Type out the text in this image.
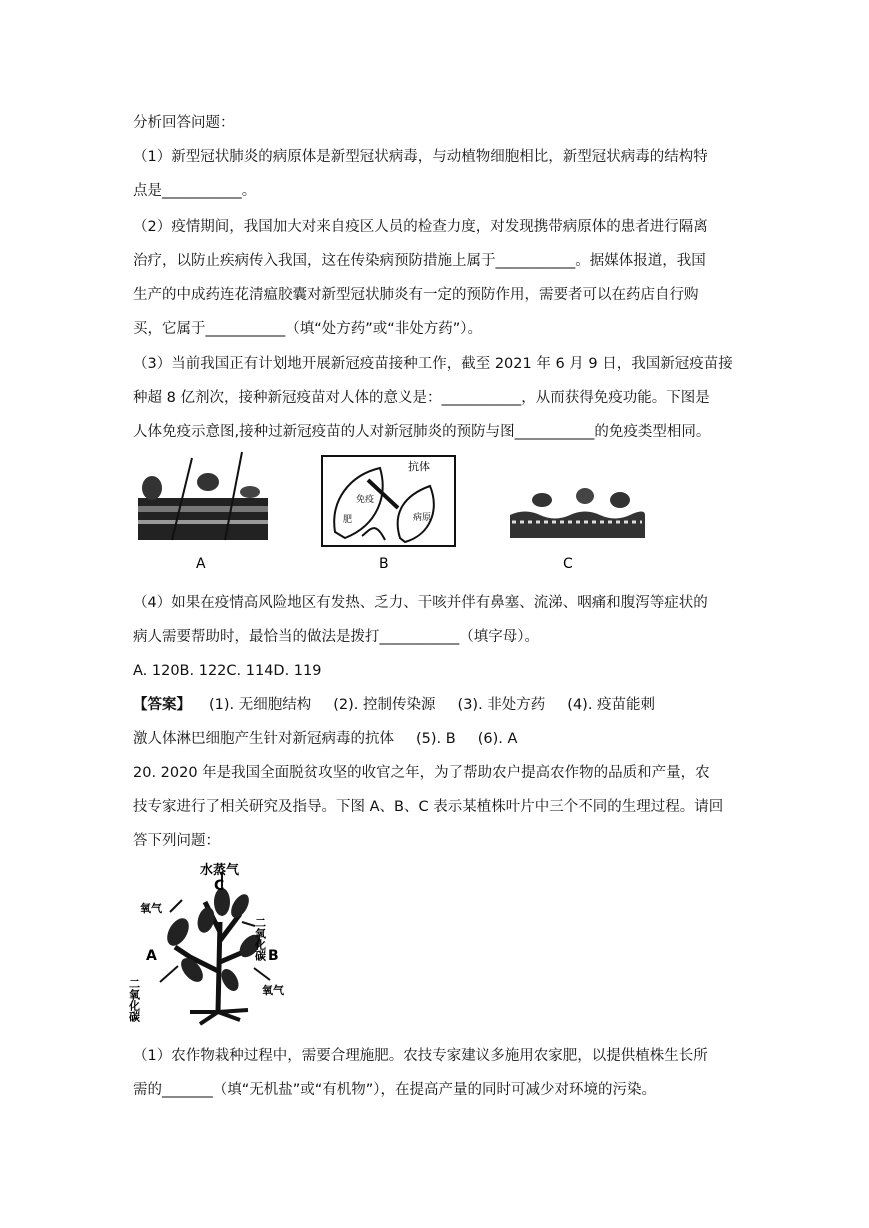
分析回答问题：
（1）新型冠状肺炎的病原体是新型冠状病毒，与动植物细胞相比，新型冠状病毒的结构特
点是___________。
（2）疫情期间，我国加大对来自疫区人员的检查力度，对发现携带病原体的患者进行隔离
治疗，以防止疾病传入我国，这在传染病预防措施上属于___________。据媒体报道，我国
生产的中成药连花清瘟胶囊对新型冠状肺炎有一定的预防作用，需要者可以在药店自行购
买，它属于___________（填“处方药”或“非处方药”）。
（3）当前我国正有计划地开展新冠疫苗接种工作，截至 2021 年 6 月 9 日，我国新冠疫苗接
种超 8 亿剂次，接种新冠疫苗对人体的意义是：___________，从而获得免疫功能。下图是
人体免疫示意图,接种过新冠疫苗的人对新冠肺炎的预防与图___________的免疫类型相同。
抗体
免疫
病原
肥
A	B	C
（4）如果在疫情高风险地区有发热、乏力、干咳并伴有鼻塞、流涕、咽痛和腹泻等症状的
病人需要帮助时，最恰当的做法是拨打___________（填字母）。
A. 120B. 122C. 114D. 119
【答案】 (1). 无细胞结构 (2). 控制传染源 (3). 非处方药 (4). 疫苗能刺
激人体淋巴细胞产生针对新冠病毒的抗体 (5). B (6). A
20. 2020 年是我国全面脱贫攻坚的收官之年，为了帮助农户提高农作物的品质和产量，农
技专家进行了相关研究及指导。下图 A、B、C 表示某植株叶片中三个不同的生理过程。请回
答下列问题：
水蒸气
C
氧气
二氧化碳
A	B
二氧化碳	氧气
（1）农作物栽种过程中，需要合理施肥。农技专家建议多施用农家肥，以提供植株生长所
需的_______（填“无机盐”或“有机物”），在提高产量的同时可减少对环境的污染。
